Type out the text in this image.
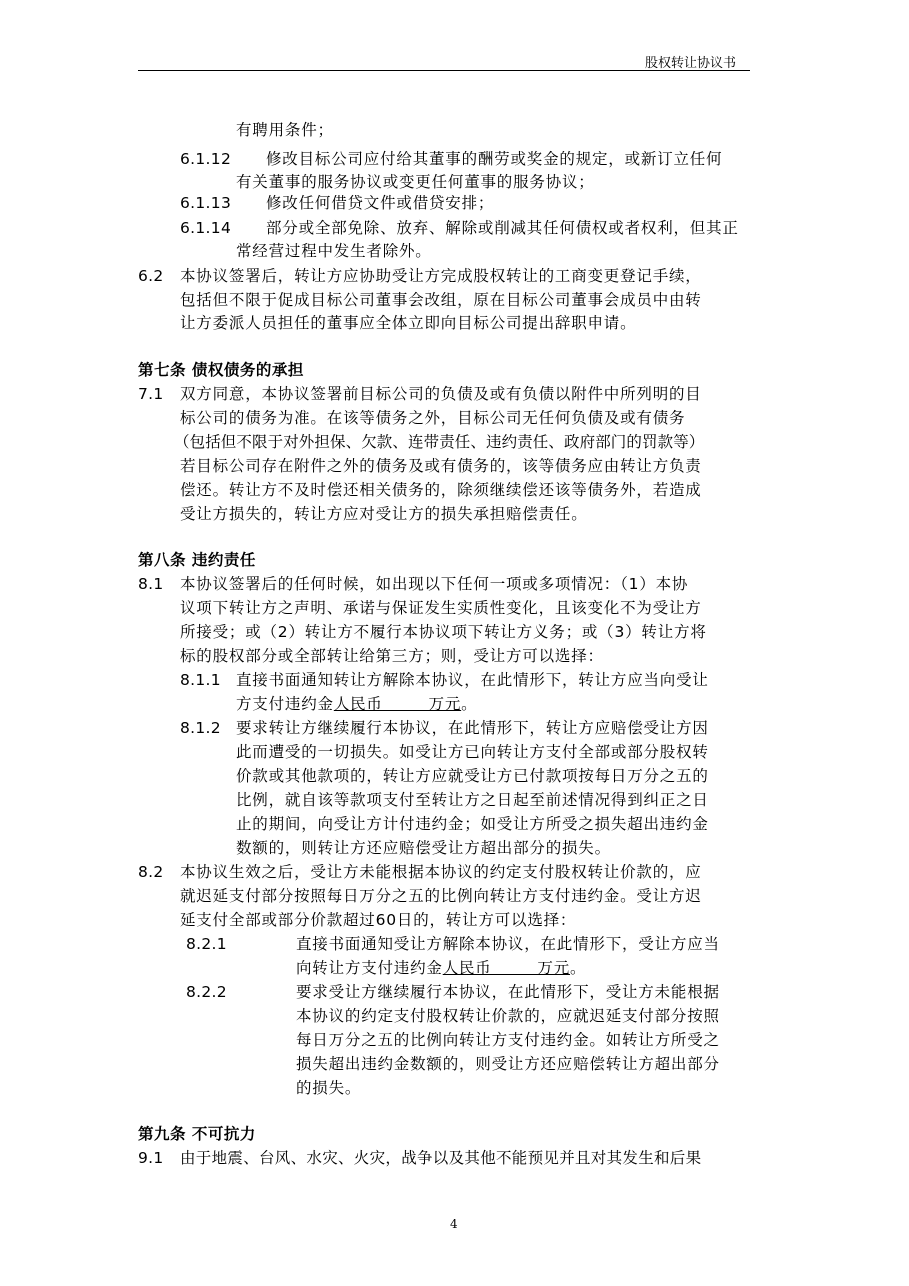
股权转让协议书
有聘用条件；
6.1.12 修改目标公司应付给其董事的酬劳或奖金的规定，或新订立任何
有关董事的服务协议或变更任何董事的服务协议；
6.1.13 修改任何借贷文件或借贷安排；
6.1.14 部分或全部免除、放弃、解除或削减其任何债权或者权利，但其正
常经营过程中发生者除外。
6.2 本协议签署后，转让方应协助受让方完成股权转让的工商变更登记手续，
包括但不限于促成目标公司董事会改组，原在目标公司董事会成员中由转
让方委派人员担任的董事应全体立即向目标公司提出辞职申请。
第七条 债权债务的承担
7.1 双方同意，本协议签署前目标公司的负债及或有负债以附件中所列明的目
标公司的债务为准。在该等债务之外，目标公司无任何负债及或有债务
（包括但不限于对外担保、欠款、连带责任、违约责任、政府部门的罚款等）
若目标公司存在附件之外的债务及或有债务的，该等债务应由转让方负责
偿还。转让方不及时偿还相关债务的，除须继续偿还该等债务外，若造成
受让方损失的，转让方应对受让方的损失承担赔偿责任。
第八条 违约责任
8.1 本协议签署后的任何时候，如出现以下任何一项或多项情况：（1）本协
议项下转让方之声明、承诺与保证发生实质性变化，且该变化不为受让方
所接受；或（2）转让方不履行本协议项下转让方义务；或（3）转让方将
标的股权部分或全部转让给第三方；则，受让方可以选择：
8.1.1 直接书面通知转让方解除本协议，在此情形下，转让方应当向受让
方支付违约金人民币        万元。
8.1.2 要求转让方继续履行本协议，在此情形下，转让方应赔偿受让方因
此而遭受的一切损失。如受让方已向转让方支付全部或部分股权转
价款或其他款项的，转让方应就受让方已付款项按每日万分之五的
比例，就自该等款项支付至转让方之日起至前述情况得到纠正之日
止的期间，向受让方计付违约金；如受让方所受之损失超出违约金
数额的，则转让方还应赔偿受让方超出部分的损失。
8.2 本协议生效之后，受让方未能根据本协议的约定支付股权转让价款的，应
就迟延支付部分按照每日万分之五的比例向转让方支付违约金。受让方迟
延支付全部或部分价款超过60日的，转让方可以选择：
8.2.1	直接书面通知受让方解除本协议，在此情形下，受让方应当
向转让方支付违约金人民币        万元。
8.2.2	要求受让方继续履行本协议，在此情形下，受让方未能根据
本协议的约定支付股权转让价款的，应就迟延支付部分按照
每日万分之五的比例向转让方支付违约金。如转让方所受之
损失超出违约金数额的，则受让方还应赔偿转让方超出部分
的损失。
第九条 不可抗力
9.1 由于地震、台风、水灾、火灾，战争以及其他不能预见并且对其发生和后果
4
